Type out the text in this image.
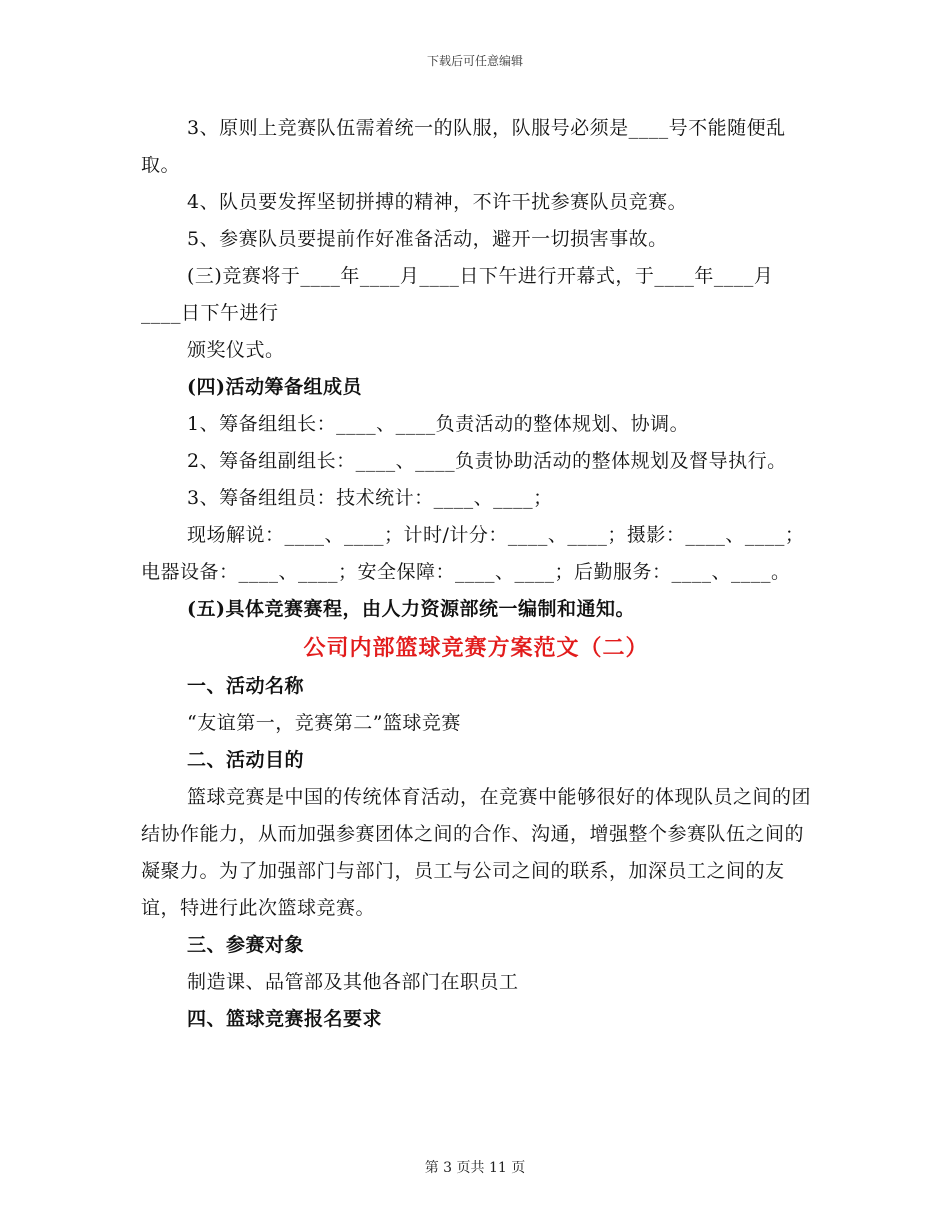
下载后可任意编辑

3、原则上竞赛队伍需着统一的队服，队服号必须是____号不能随便乱取。

4、队员要发挥坚韧拼搏的精神，不许干扰参赛队员竞赛。

5、参赛队员要提前作好准备活动，避开一切损害事故。

(三)竞赛将于____年____月____日下午进行开幕式，于____年____月____日下午进行

颁奖仪式。

(四)活动筹备组成员

1、筹备组组长：____、____负责活动的整体规划、协调。

2、筹备组副组长：____、____负责协助活动的整体规划及督导执行。

3、筹备组组员：技术统计：____、____；

现场解说：____、____；计时/计分：____、____；摄影：____、____；电器设备：____、____；安全保障：____、____；后勤服务：____、____。

(五)具体竞赛赛程，由人力资源部统一编制和通知。

公司内部篮球竞赛方案范文（二）

一、活动名称

“友谊第一，竞赛第二”篮球竞赛

二、活动目的

篮球竞赛是中国的传统体育活动，在竞赛中能够很好的体现队员之间的团结协作能力，从而加强参赛团体之间的合作、沟通，增强整个参赛队伍之间的凝聚力。为了加强部门与部门，员工与公司之间的联系，加深员工之间的友谊，特进行此次篮球竞赛。

三、参赛对象

制造课、品管部及其他各部门在职员工

四、篮球竞赛报名要求

第 3 页共 11 页
